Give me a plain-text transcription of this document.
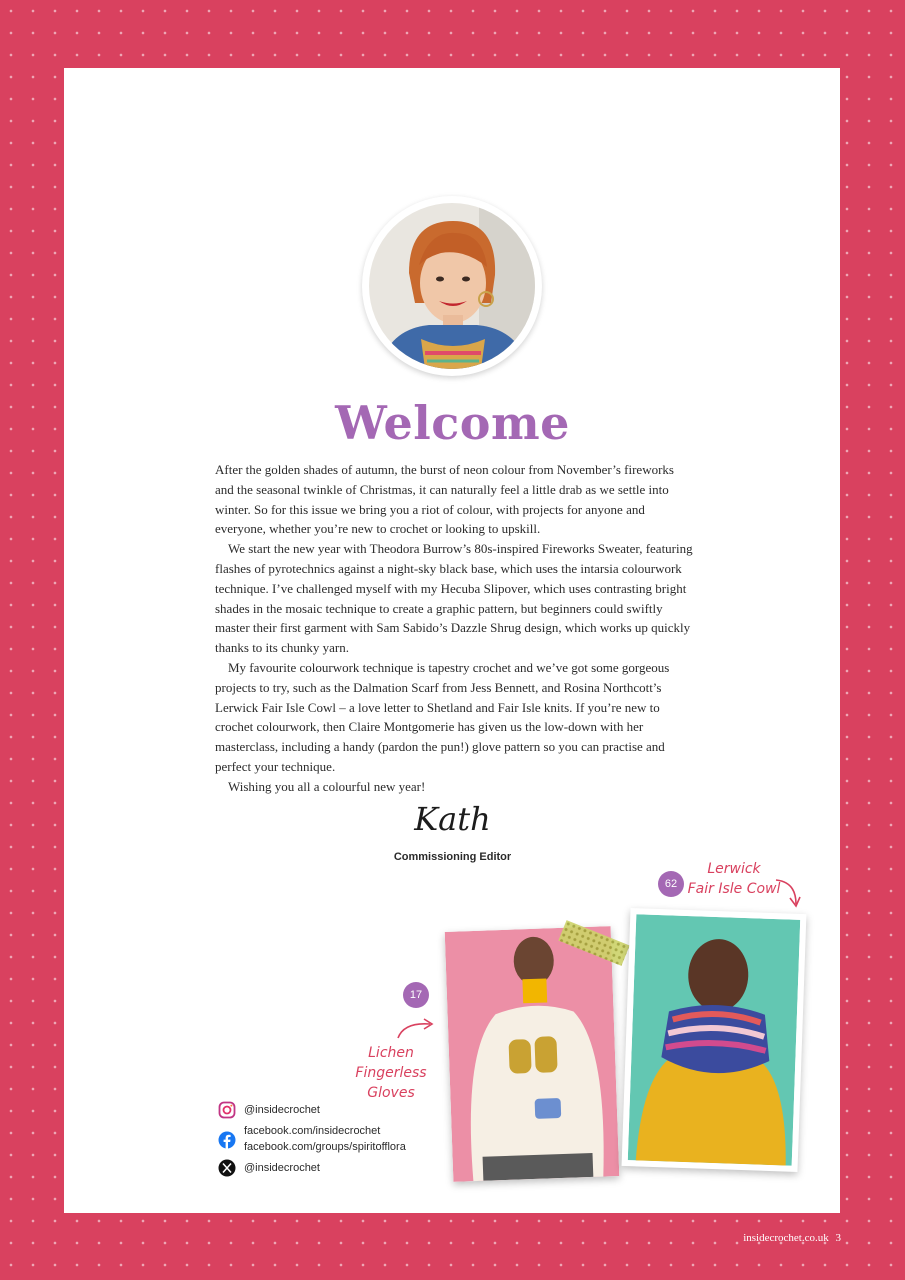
Welcome

After the golden shades of autumn, the burst of neon colour from November’s fireworks and the seasonal twinkle of Christmas, it can naturally feel a little drab as we settle into winter. So for this issue we bring you a riot of colour, with projects for anyone and everyone, whether you’re new to crochet or looking to upskill.

We start the new year with Theodora Burrow’s 80s-inspired Fireworks Sweater, featuring flashes of pyrotechnics against a night-sky black base, which uses the intarsia colourwork technique. I’ve challenged myself with my Hecuba Slipover, which uses contrasting bright shades in the mosaic technique to create a graphic pattern, but beginners could swiftly master their first garment with Sam Sabido’s Dazzle Shrug design, which works up quickly thanks to its chunky yarn.

My favourite colourwork technique is tapestry crochet and we’ve got some gorgeous projects to try, such as the Dalmation Scarf from Jess Bennett, and Rosina Northcott’s Lerwick Fair Isle Cowl – a love letter to Shetland and Fair Isle knits. If you’re new to crochet colourwork, then Claire Montgomerie has given us the low-down with her masterclass, including a handy (pardon the pun!) glove pattern so you can practise and perfect your technique.

Wishing you all a colourful new year!

Kath
Commissioning Editor
62
Lerwick
Fair Isle Cowl
17
Lichen
Fingerless Gloves
@insidecrochet
facebook.com/insidecrochet
facebook.com/groups/spiritofflora
@insidecrochet
insidecrochet.co.uk 3
